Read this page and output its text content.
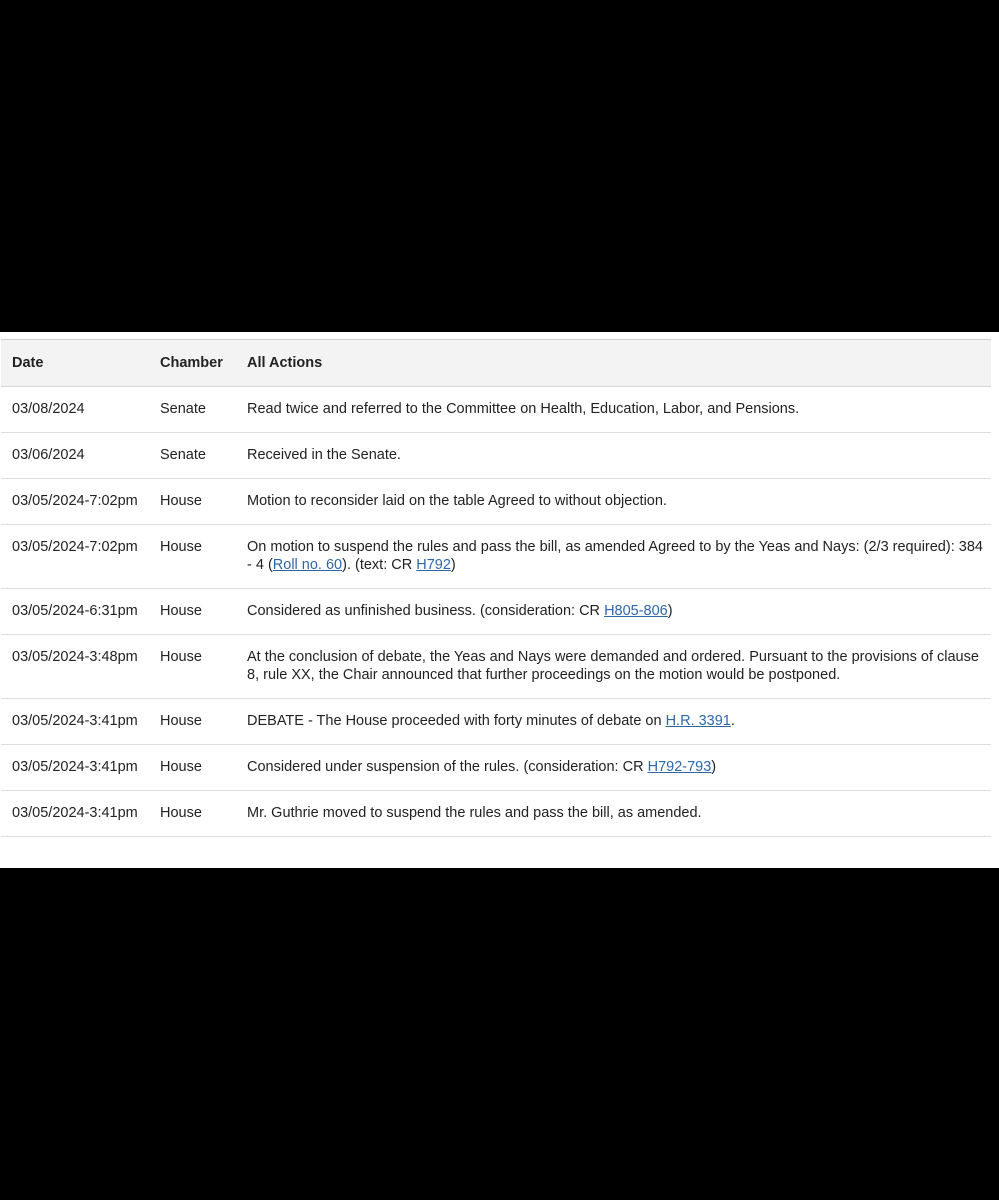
Date	Chamber	All Actions
03/08/2024	Senate	Read twice and referred to the Committee on Health, Education, Labor, and Pensions.
03/06/2024	Senate	Received in the Senate.
03/05/2024-7:02pm	House	Motion to reconsider laid on the table Agreed to without objection.
03/05/2024-7:02pm	House	On motion to suspend the rules and pass the bill, as amended Agreed to by the Yeas and Nays: (2/3 required): 384 - 4 (Roll no. 60). (text: CR H792)
03/05/2024-6:31pm	House	Considered as unfinished business. (consideration: CR H805-806)
03/05/2024-3:48pm	House	At the conclusion of debate, the Yeas and Nays were demanded and ordered. Pursuant to the provisions of clause 8, rule XX, the Chair announced that further proceedings on the motion would be postponed.
03/05/2024-3:41pm	House	DEBATE - The House proceeded with forty minutes of debate on H.R. 3391.
03/05/2024-3:41pm	House	Considered under suspension of the rules. (consideration: CR H792-793)
03/05/2024-3:41pm	House	Mr. Guthrie moved to suspend the rules and pass the bill, as amended.
